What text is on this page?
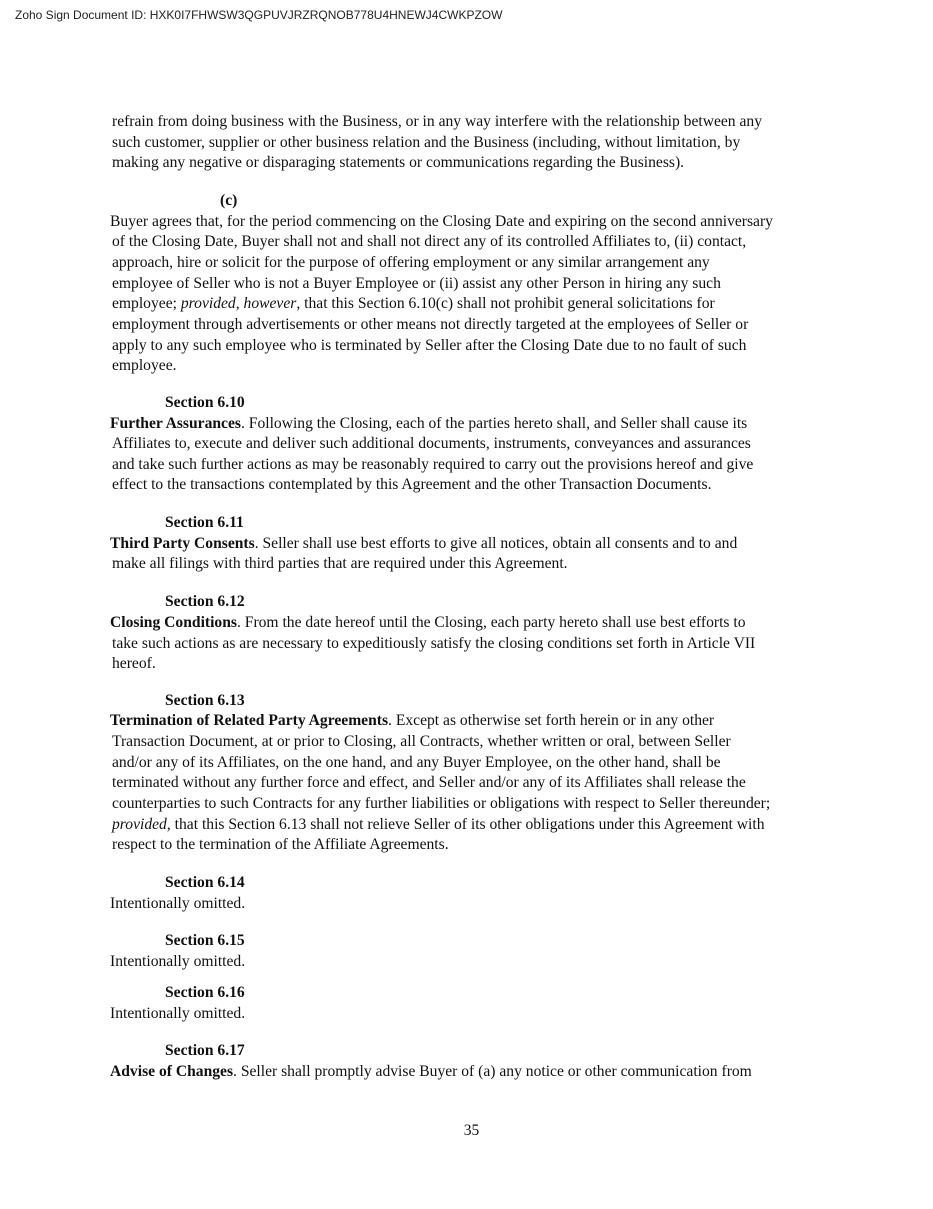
Zoho Sign Document ID: HXK0I7FHWSW3QGPUVJRZRQNOB778U4HNEWJ4CWKPZOW
refrain from doing business with the Business, or in any way interfere with the relationship between any
such customer, supplier or other business relation and the Business (including, without limitation, by
making any negative or disparaging statements or communications regarding the Business).
(c)
Buyer agrees that, for the period commencing on the Closing Date and expiring on the second anniversary
of the Closing Date, Buyer shall not and shall not direct any of its controlled Affiliates to, (ii) contact,
approach, hire or solicit for the purpose of offering employment or any similar arrangement any
employee of Seller who is not a Buyer Employee or (ii) assist any other Person in hiring any such
employee; provided, however, that this Section 6.10(c) shall not prohibit general solicitations for
employment through advertisements or other means not directly targeted at the employees of Seller or
apply to any such employee who is terminated by Seller after the Closing Date due to no fault of such
employee.
Section 6.10
Further Assurances. Following the Closing, each of the parties hereto shall, and Seller shall cause its
Affiliates to, execute and deliver such additional documents, instruments, conveyances and assurances
and take such further actions as may be reasonably required to carry out the provisions hereof and give
effect to the transactions contemplated by this Agreement and the other Transaction Documents.
Section 6.11
Third Party Consents. Seller shall use best efforts to give all notices, obtain all consents and to and
make all filings with third parties that are required under this Agreement.
Section 6.12
Closing Conditions. From the date hereof until the Closing, each party hereto shall use best efforts to
take such actions as are necessary to expeditiously satisfy the closing conditions set forth in Article VII
hereof.
Section 6.13
Termination of Related Party Agreements. Except as otherwise set forth herein or in any other
Transaction Document, at or prior to Closing, all Contracts, whether written or oral, between Seller
and/or any of its Affiliates, on the one hand, and any Buyer Employee, on the other hand, shall be
terminated without any further force and effect, and Seller and/or any of its Affiliates shall release the
counterparties to such Contracts for any further liabilities or obligations with respect to Seller thereunder;
provided, that this Section 6.13 shall not relieve Seller of its other obligations under this Agreement with
respect to the termination of the Affiliate Agreements.
Section 6.14
Intentionally omitted.
Section 6.15
Intentionally omitted.
Section 6.16
Intentionally omitted.
Section 6.17
Advise of Changes. Seller shall promptly advise Buyer of (a) any notice or other communication from
35
